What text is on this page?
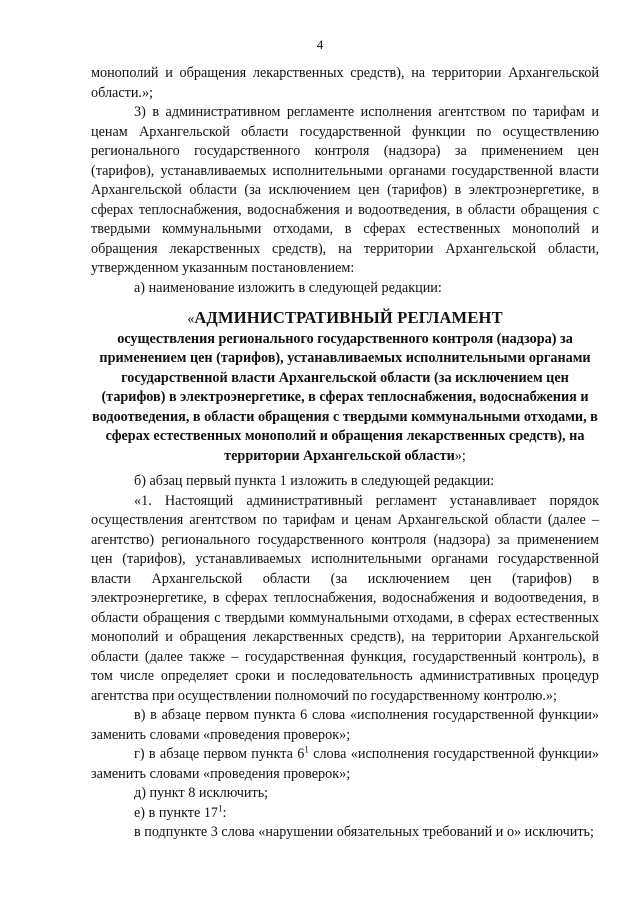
4

монополий и обращения лекарственных средств), на территории Архангельской области.»;

3) в административном регламенте исполнения агентством по тарифам и ценам Архангельской области государственной функции по осуществлению регионального государственного контроля (надзора) за применением цен (тарифов), устанавливаемых исполнительными органами государственной власти Архангельской области (за исключением цен (тарифов) в электроэнергетике, в сферах теплоснабжения, водоснабжения и водоотведения, в области обращения с твердыми коммунальными отходами, в сферах естественных монополий и обращения лекарственных средств), на территории Архангельской области, утвержденном указанным постановлением:

а) наименование изложить в следующей редакции:

«АДМИНИСТРАТИВНЫЙ РЕГЛАМЕНТ
осуществления регионального государственного контроля (надзора) за применением цен (тарифов), устанавливаемых исполнительными органами государственной власти Архангельской области (за исключением цен (тарифов) в электроэнергетике, в сферах теплоснабжения, водоснабжения и водоотведения, в области обращения с твердыми коммунальными отходами, в сферах естественных монополий и обращения лекарственных средств), на территории Архангельской области»;

б) абзац первый пункта 1 изложить в следующей редакции:

«1. Настоящий административный регламент устанавливает порядок осуществления агентством по тарифам и ценам Архангельской области (далее – агентство) регионального государственного контроля (надзора) за применением цен (тарифов), устанавливаемых исполнительными органами государственной власти Архангельской области (за исключением цен (тарифов) в электроэнергетике, в сферах теплоснабжения, водоснабжения и водоотведения, в области обращения с твердыми коммунальными отходами, в сферах естественных монополий и обращения лекарственных средств), на территории Архангельской области (далее также – государственная функция, государственный контроль), в том числе определяет сроки и последовательность административных процедур агентства при осуществлении полномочий по государственному контролю.»;

в) в абзаце первом пункта 6 слова «исполнения государственной функции» заменить словами «проведения проверок»;

г) в абзаце первом пункта $6^1$ слова «исполнения государственной функции» заменить словами «проведения проверок»;

д) пункт 8 исключить;

е) в пункте $17^1$:

в подпункте 3 слова «нарушении обязательных требований и о» исключить;
